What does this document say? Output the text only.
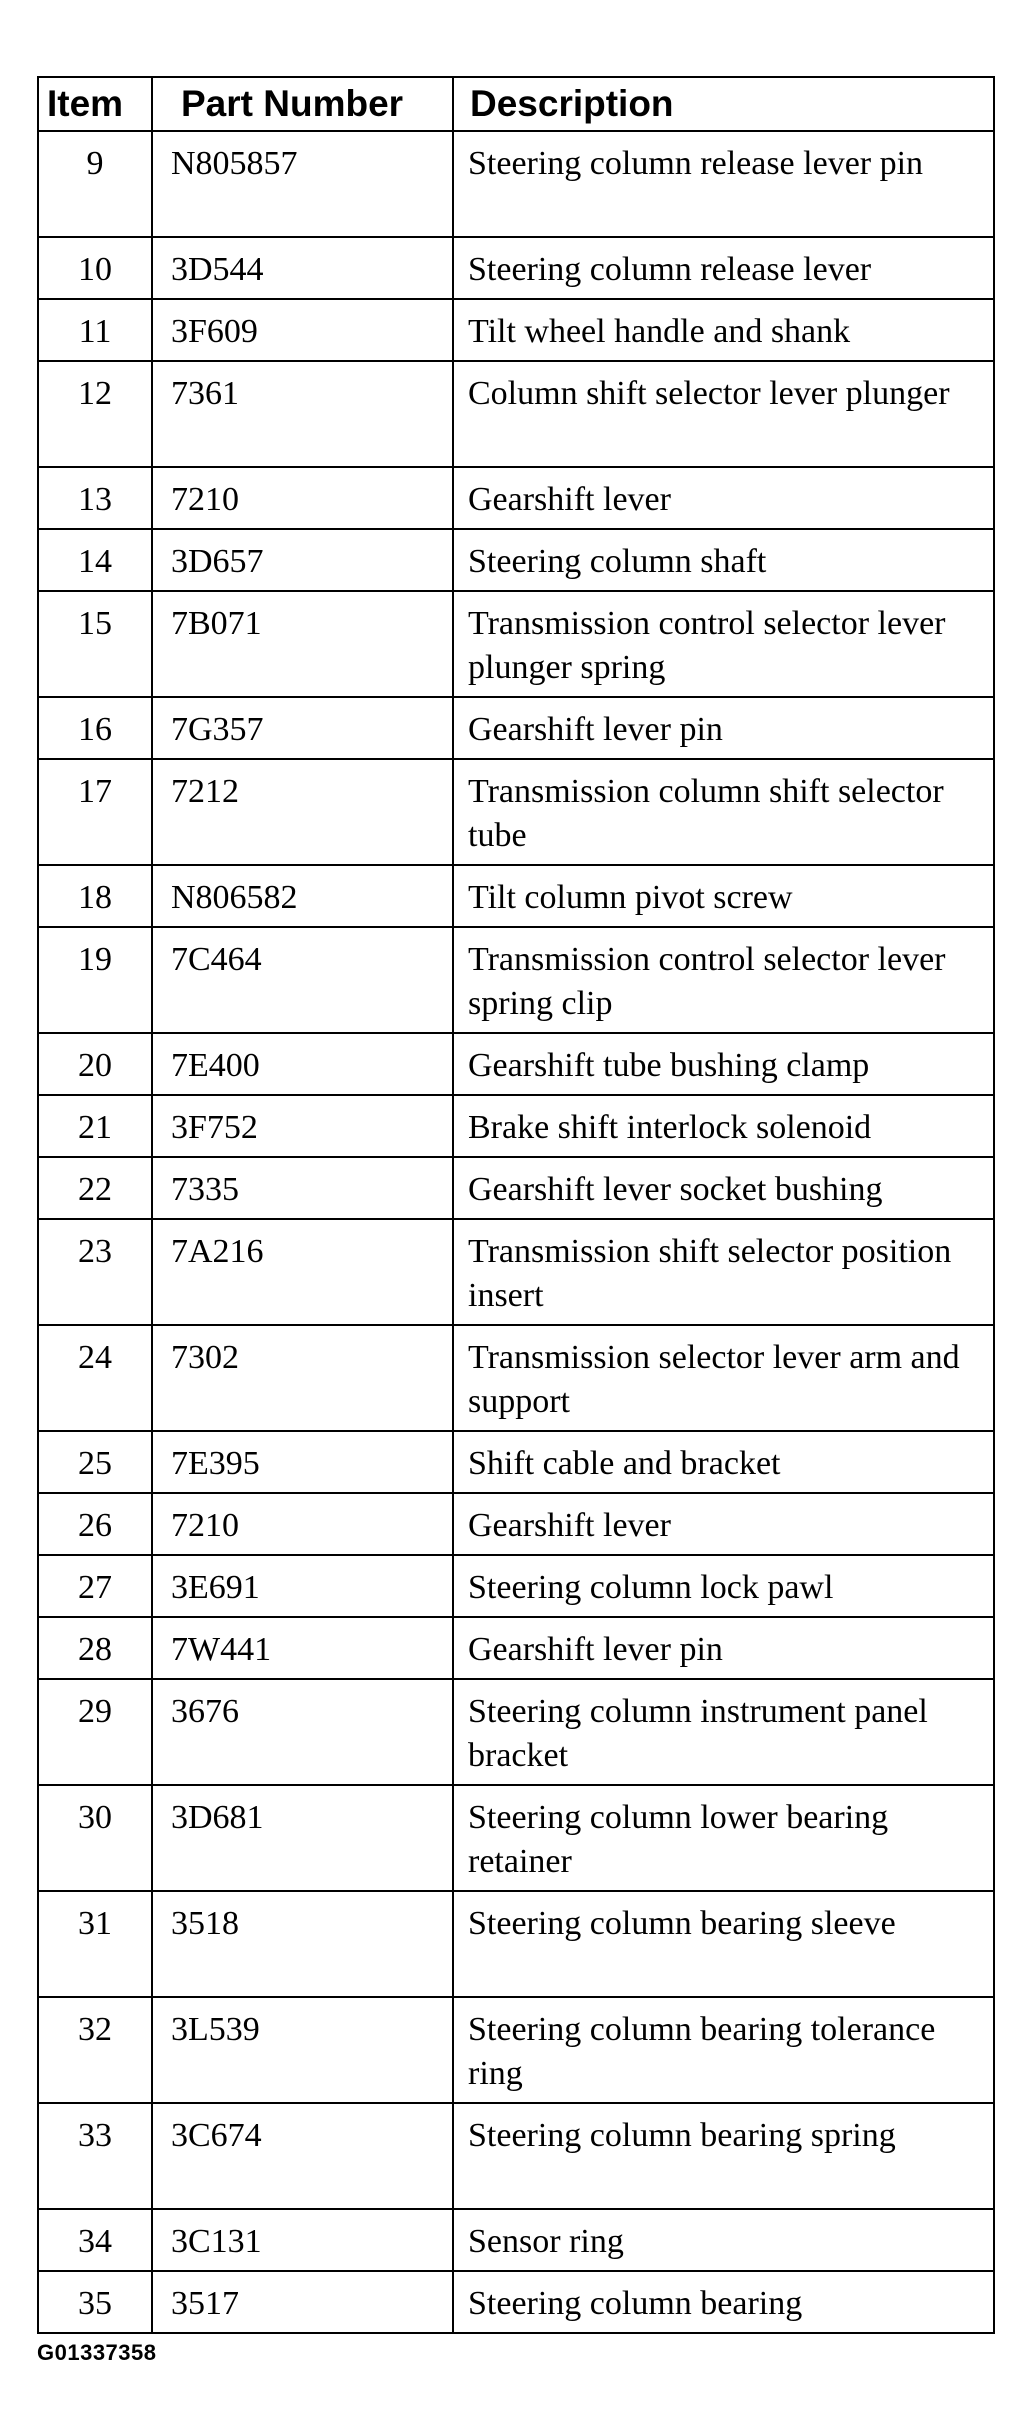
Item	Part Number	Description
9	N805857	Steering column release lever pin
10	3D544	Steering column release lever
11	3F609	Tilt wheel handle and shank
12	7361	Column shift selector lever plunger
13	7210	Gearshift lever
14	3D657	Steering column shaft
15	7B071	Transmission control selector lever plunger spring
16	7G357	Gearshift lever pin
17	7212	Transmission column shift selector tube
18	N806582	Tilt column pivot screw
19	7C464	Transmission control selector lever spring clip
20	7E400	Gearshift tube bushing clamp
21	3F752	Brake shift interlock solenoid
22	7335	Gearshift lever socket bushing
23	7A216	Transmission shift selector position insert
24	7302	Transmission selector lever arm and support
25	7E395	Shift cable and bracket
26	7210	Gearshift lever
27	3E691	Steering column lock pawl
28	7W441	Gearshift lever pin
29	3676	Steering column instrument panel bracket
30	3D681	Steering column lower bearing retainer
31	3518	Steering column bearing sleeve
32	3L539	Steering column bearing tolerance ring
33	3C674	Steering column bearing spring
34	3C131	Sensor ring
35	3517	Steering column bearing
G01337358
